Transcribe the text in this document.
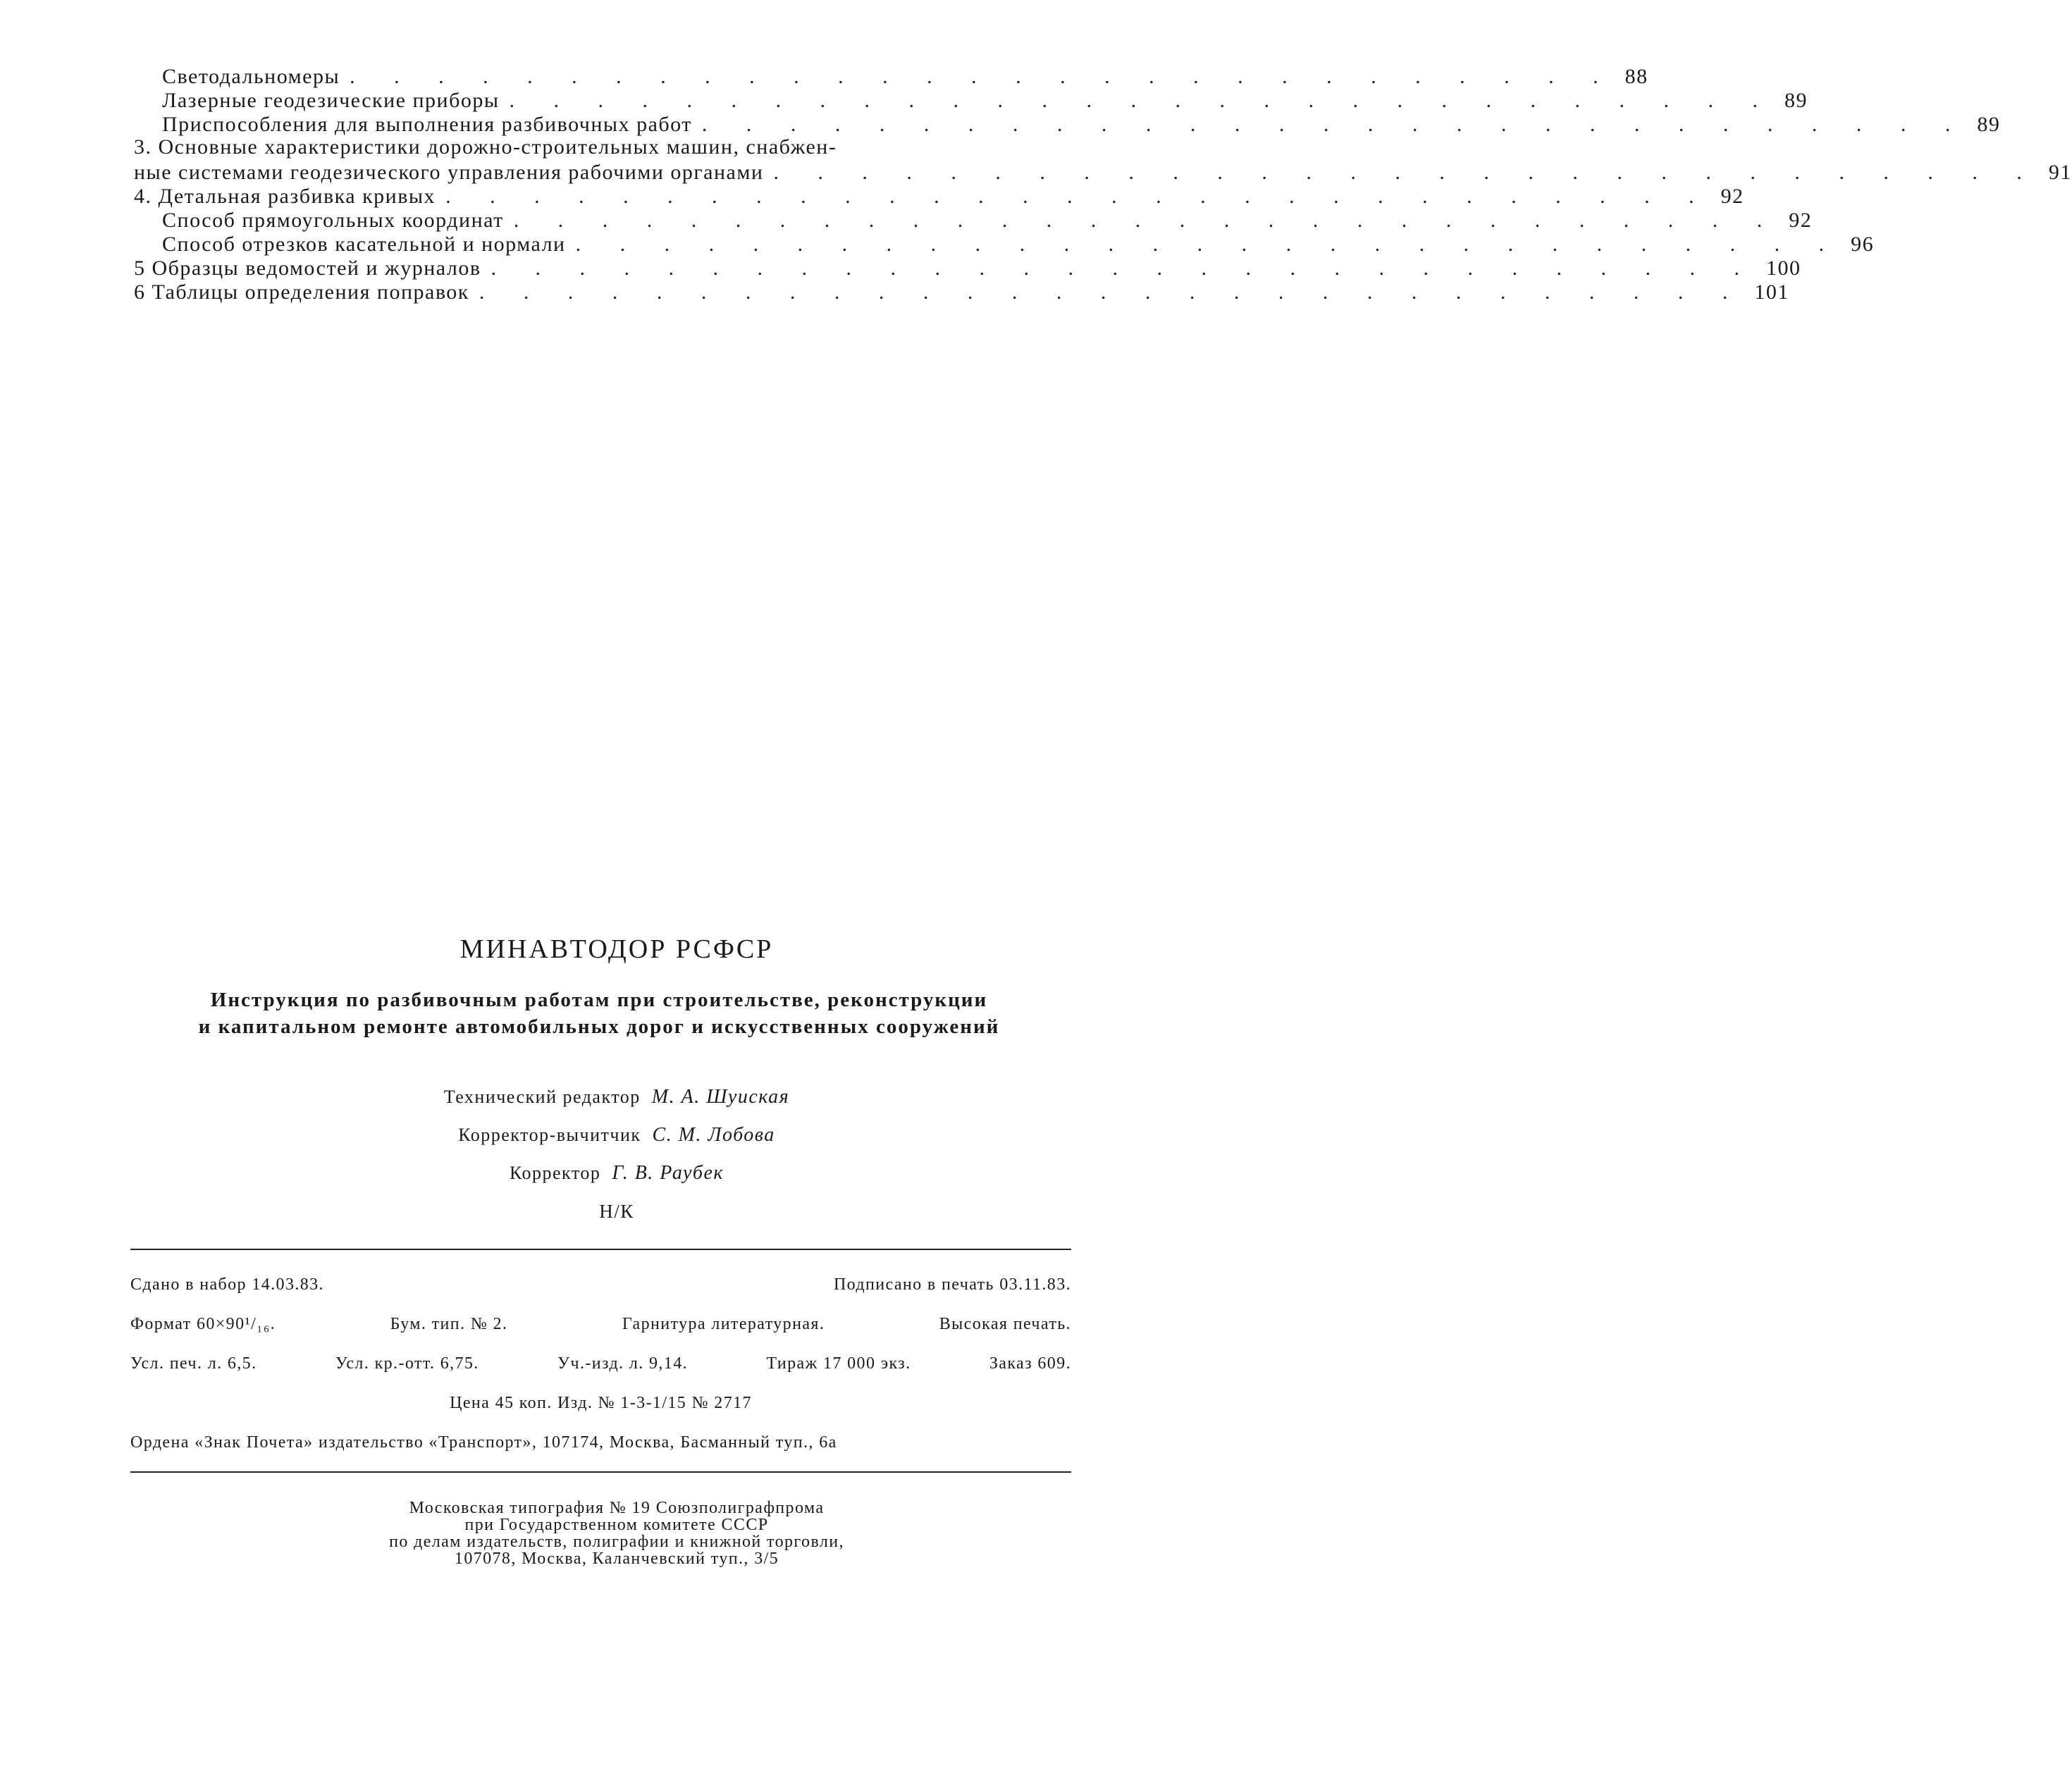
Светодальномеры . . . . . . . . . . . . . . . . . . . . . . . . . . . . . 88
Лазерные геодезические приборы . . . . . . . . . . . . . . . . . . . . . . . . . . . . . 89
Приспособления для выполнения разбивочных работ . . . . . . . . . . . . . . . . . . . . . . . . . . . . . 89
3. Основные характеристики дорожно-строительных машин, снабжен-
ные системами геодезического управления рабочими органами . . . . . . . . . . . . . . . . . . . . . . . . . . . . . 91
4. Детальная разбивка кривых . . . . . . . . . . . . . . . . . . . . . . . . . . . . . 92
Способ прямоугольных координат . . . . . . . . . . . . . . . . . . . . . . . . . . . . . 92
Способ отрезков касательной и нормали . . . . . . . . . . . . . . . . . . . . . . . . . . . . . 96
5 Образцы ведомостей и журналов . . . . . . . . . . . . . . . . . . . . . . . . . . . . . 100
6 Таблицы определения поправок . . . . . . . . . . . . . . . . . . . . . . . . . . . . . 101
МИНАВТОДОР РСФСР
Инструкция по разбивочным работам при строительстве, реконструкции
и капитальном ремонте автомобильных дорог и искусственных сооружений
Технический редактор М. А. Шуиская
Корректор-вычитчик С. М. Лобова
Корректор Г. В. Раубек
Н/К
Сдано в набор 14.03.83.	Подписано в печать 03.11.83.
Формат 60×90¹/₁₆.	Бум. тип. № 2.	Гарнитура литературная.	Высокая печать.
Усл. печ. л. 6,5.	Усл. кр.-отт. 6,75.	Уч.-изд. л. 9,14.	Тираж 17 000 экз.	Заказ 609.
Цена 45 коп. Изд. № 1-3-1/15 № 2717
Ордена «Знак Почета» издательство «Транспорт», 107174, Москва, Басманный туп., 6а
Московская типография № 19 Союзполиграфпрома
при Государственном комитете СССР
по делам издательств, полиграфии и книжной торговли,
107078, Москва, Каланчевский туп., 3/5
